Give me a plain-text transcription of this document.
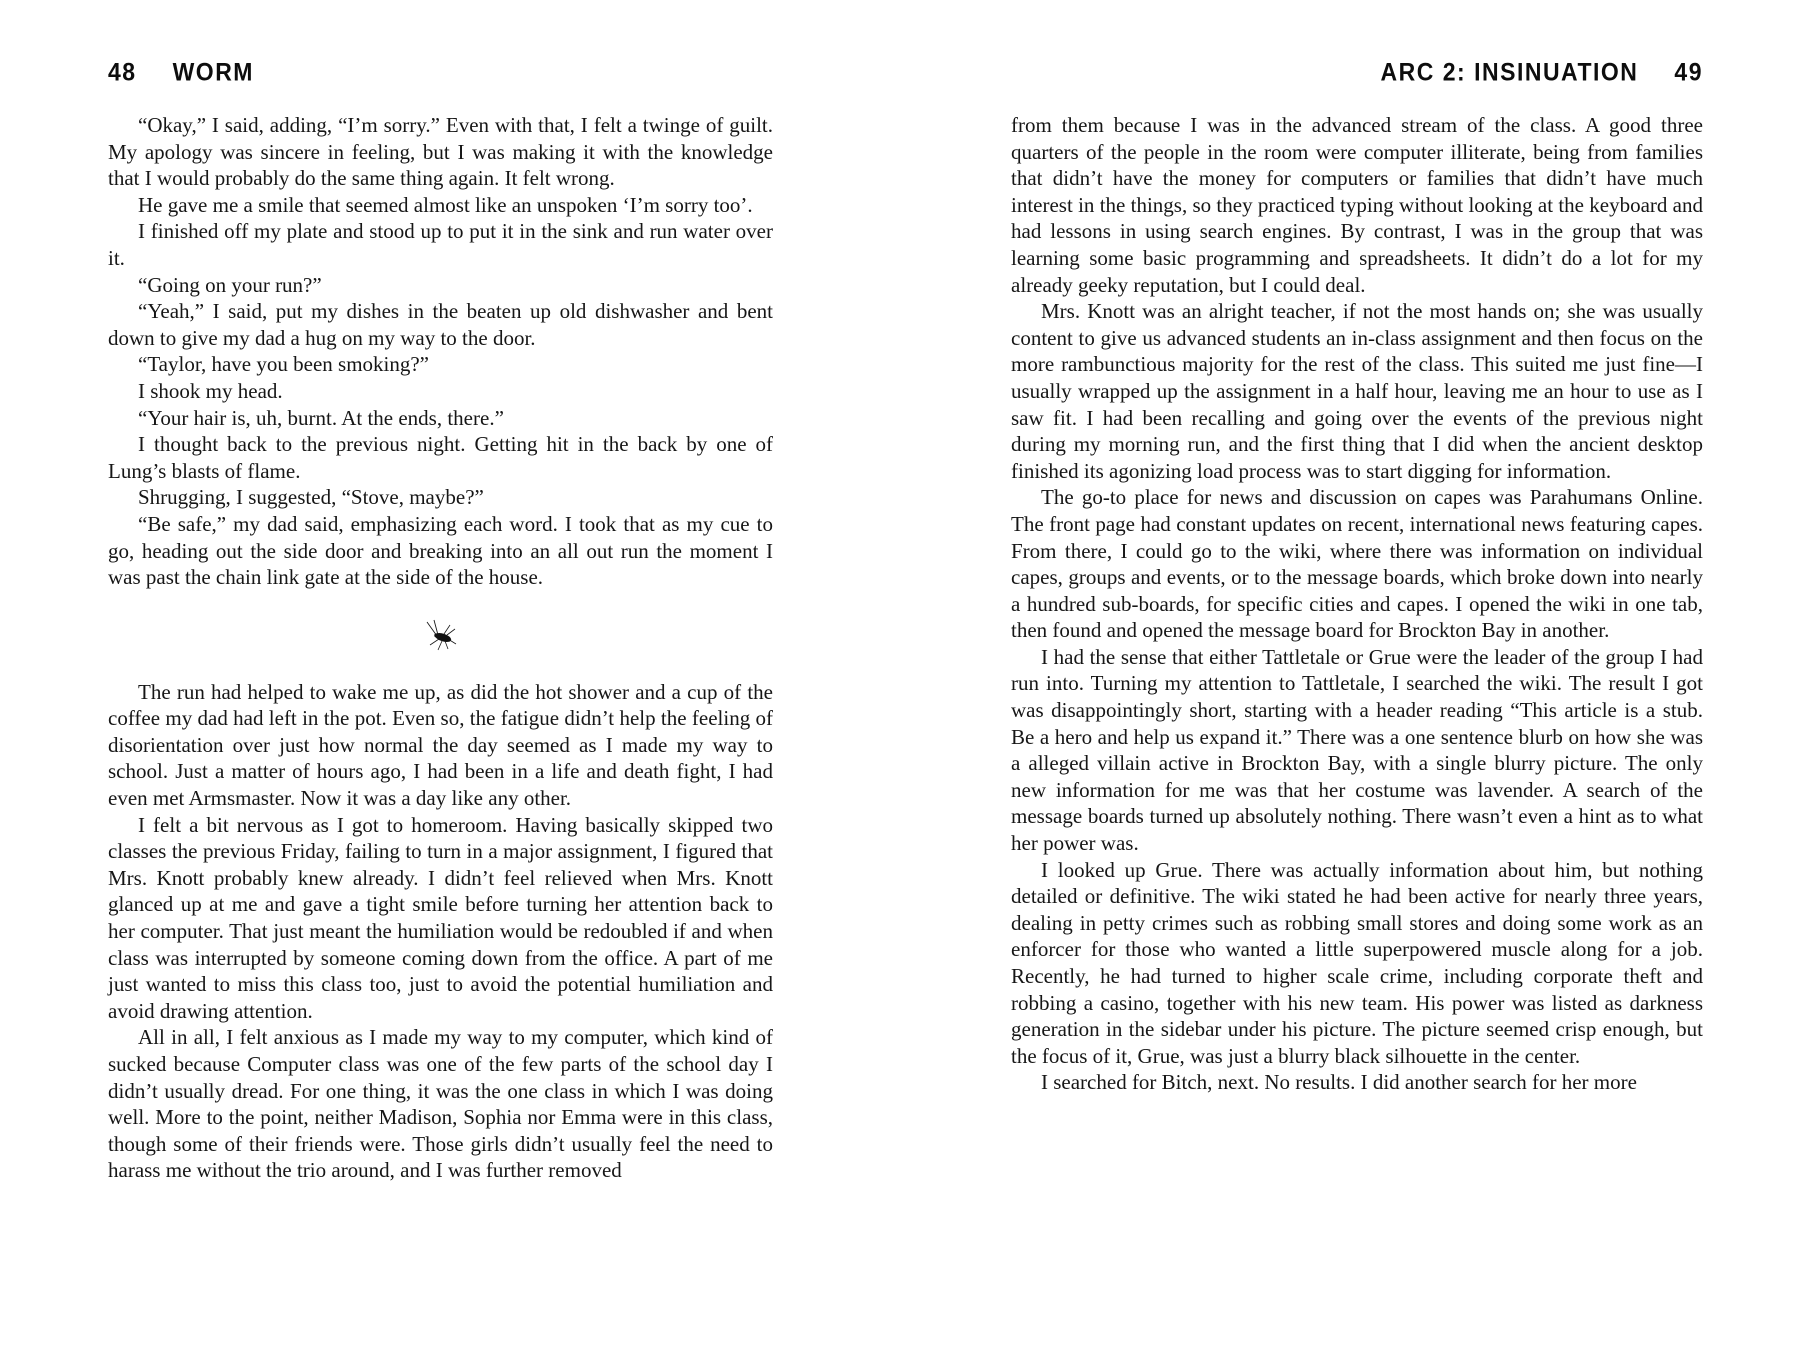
48 WORM

“Okay,” I said, adding, “I’m sorry.” Even with that, I felt a twinge of guilt. My apology was sincere in feeling, but I was making it with the knowledge that I would probably do the same thing again. It felt wrong.

He gave me a smile that seemed almost like an unspoken ‘I’m sorry too’.

I finished off my plate and stood up to put it in the sink and run water over it.

“Going on your run?”

“Yeah,” I said, put my dishes in the beaten up old dishwasher and bent down to give my dad a hug on my way to the door.

“Taylor, have you been smoking?”

I shook my head.

“Your hair is, uh, burnt. At the ends, there.”

I thought back to the previous night. Getting hit in the back by one of Lung’s blasts of flame.

Shrugging, I suggested, “Stove, maybe?”

“Be safe,” my dad said, emphasizing each word. I took that as my cue to go, heading out the side door and breaking into an all out run the moment I was past the chain link gate at the side of the house.

The run had helped to wake me up, as did the hot shower and a cup of the coffee my dad had left in the pot. Even so, the fatigue didn’t help the feeling of disorientation over just how normal the day seemed as I made my way to school. Just a matter of hours ago, I had been in a life and death fight, I had even met Armsmaster. Now it was a day like any other.

I felt a bit nervous as I got to homeroom. Having basically skipped two classes the previous Friday, failing to turn in a major assignment, I figured that Mrs. Knott probably knew already. I didn’t feel relieved when Mrs. Knott glanced up at me and gave a tight smile before turning her attention back to her computer. That just meant the humiliation would be redoubled if and when class was interrupted by someone coming down from the office. A part of me just wanted to miss this class too, just to avoid the potential humiliation and avoid drawing attention.

All in all, I felt anxious as I made my way to my computer, which kind of sucked because Computer class was one of the few parts of the school day I didn’t usually dread. For one thing, it was the one class in which I was doing well. More to the point, neither Madison, Sophia nor Emma were in this class, though some of their friends were. Those girls didn’t usually feel the need to harass me without the trio around, and I was further removed

ARC 2: INSINUATION 49

from them because I was in the advanced stream of the class. A good three quarters of the people in the room were computer illiterate, being from families that didn’t have the money for computers or families that didn’t have much interest in the things, so they practiced typing without looking at the keyboard and had lessons in using search engines. By contrast, I was in the group that was learning some basic programming and spreadsheets. It didn’t do a lot for my already geeky reputation, but I could deal.

Mrs. Knott was an alright teacher, if not the most hands on; she was usually content to give us advanced students an in-class assignment and then focus on the more rambunctious majority for the rest of the class. This suited me just fine—I usually wrapped up the assignment in a half hour, leaving me an hour to use as I saw fit. I had been recalling and going over the events of the previous night during my morning run, and the first thing that I did when the ancient desktop finished its agonizing load process was to start digging for information.

The go-to place for news and discussion on capes was Parahumans Online. The front page had constant updates on recent, international news featuring capes. From there, I could go to the wiki, where there was information on individual capes, groups and events, or to the message boards, which broke down into nearly a hundred sub-boards, for specific cities and capes. I opened the wiki in one tab, then found and opened the message board for Brockton Bay in another.

I had the sense that either Tattletale or Grue were the leader of the group I had run into. Turning my attention to Tattletale, I searched the wiki. The result I got was disappointingly short, starting with a header reading “This article is a stub. Be a hero and help us expand it.” There was a one sentence blurb on how she was a alleged villain active in Brockton Bay, with a single blurry picture. The only new information for me was that her costume was lavender. A search of the message boards turned up absolutely nothing. There wasn’t even a hint as to what her power was.

I looked up Grue. There was actually information about him, but nothing detailed or definitive. The wiki stated he had been active for nearly three years, dealing in petty crimes such as robbing small stores and doing some work as an enforcer for those who wanted a little superpowered muscle along for a job. Recently, he had turned to higher scale crime, including corporate theft and robbing a casino, together with his new team. His power was listed as darkness generation in the sidebar under his picture. The picture seemed crisp enough, but the focus of it, Grue, was just a blurry black silhouette in the center.

I searched for Bitch, next. No results. I did another search for her more
